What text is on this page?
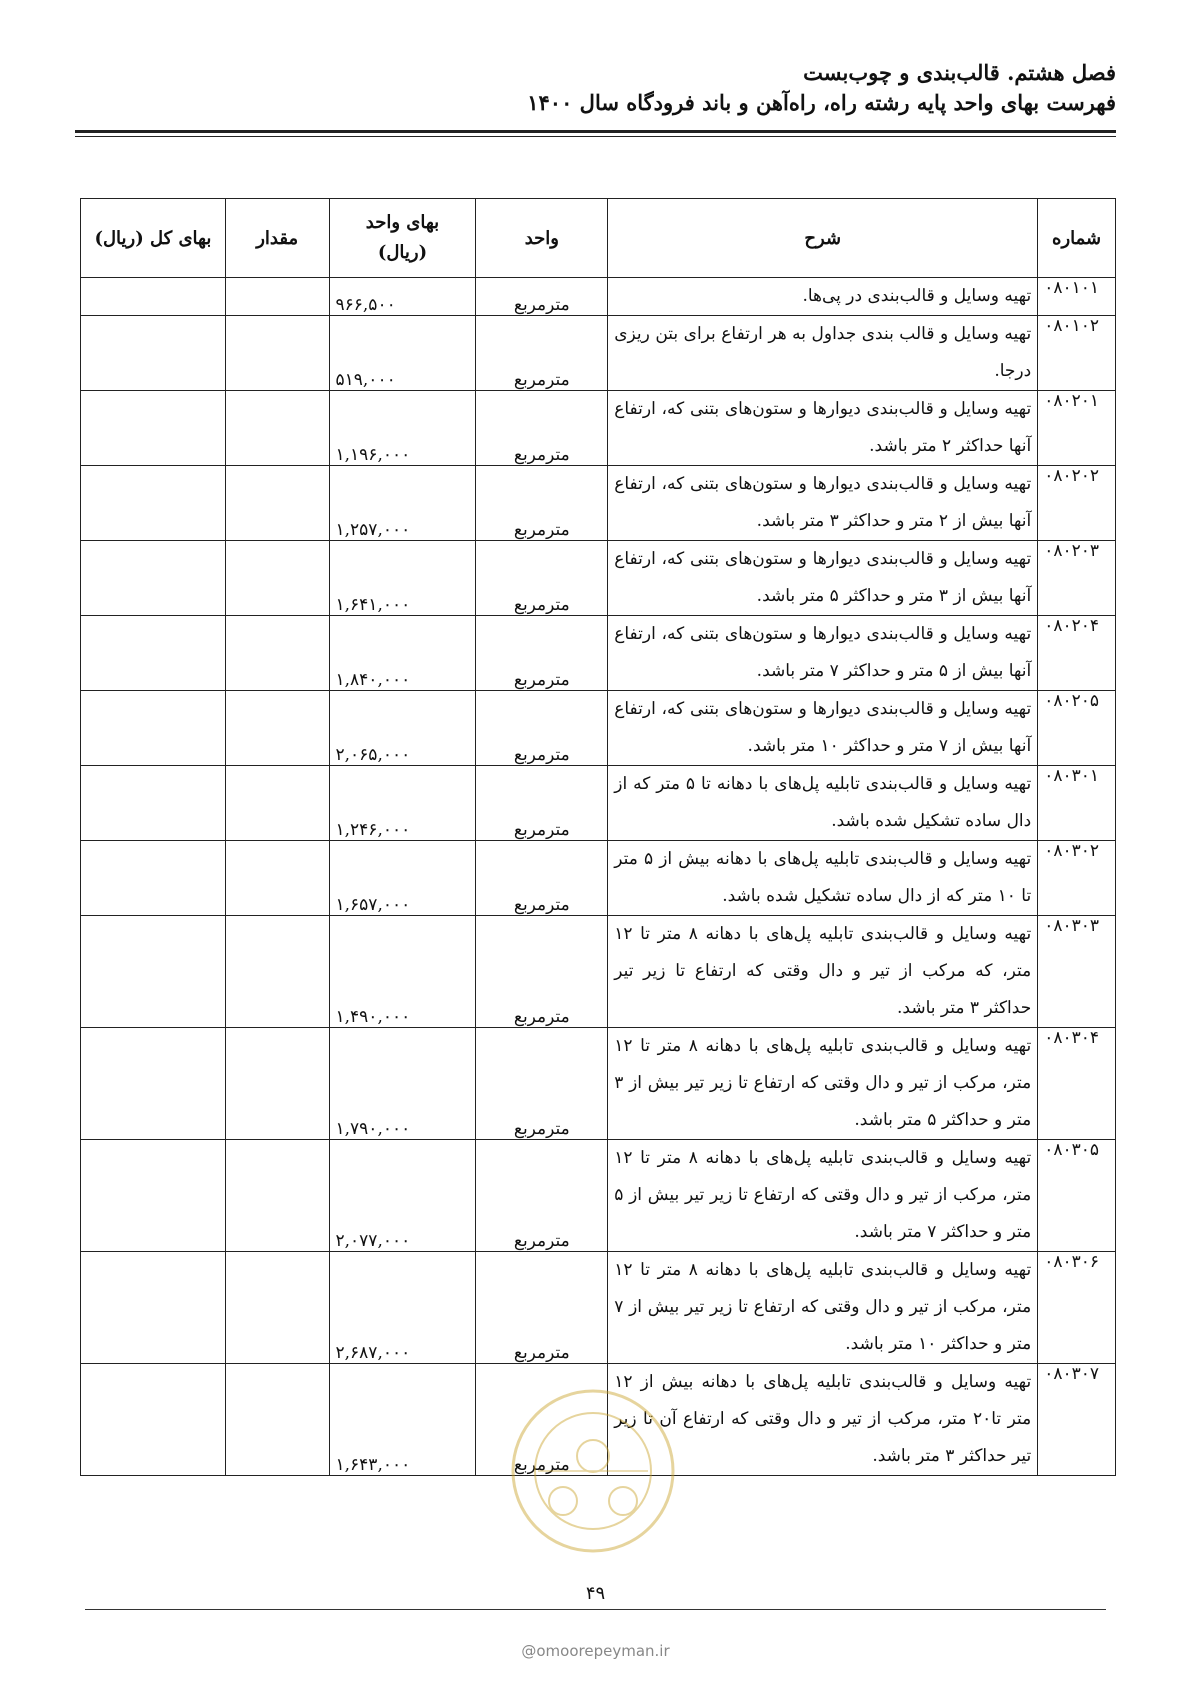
فصل هشتم. قالب‌بندی و چوب‌بست
فهرست بهای واحد پایه رشته راه، راه‌آهن و باند فرودگاه سال ۱۴۰۰
شماره	شرح	واحد	بهای واحد (ریال)	مقدار	بهای کل (ریال)
۰۸۰۱۰۱	تهیه وسایل و قالب‌بندی در پی‌ها.	مترمربع	۹۶۶,۵۰۰		
۰۸۰۱۰۲	تهیه وسایل و قالب بندی جداول به هر ارتفاع برای بتن ریزی درجا.	مترمربع	۵۱۹,۰۰۰		
۰۸۰۲۰۱	تهیه وسایل و قالب‌بندی دیوارها و ستون‌های بتنی که، ارتفاع آنها حداکثر ۲ متر باشد.	مترمربع	۱,۱۹۶,۰۰۰		
۰۸۰۲۰۲	تهیه وسایل و قالب‌بندی دیوارها و ستون‌های بتنی که، ارتفاع آنها بیش از ۲ متر و حداکثر ۳ متر باشد.	مترمربع	۱,۲۵۷,۰۰۰		
۰۸۰۲۰۳	تهیه وسایل و قالب‌بندی دیوارها و ستون‌های بتنی که، ارتفاع آنها بیش از ۳ متر و حداکثر ۵ متر باشد.	مترمربع	۱,۶۴۱,۰۰۰		
۰۸۰۲۰۴	تهیه وسایل و قالب‌بندی دیوارها و ستون‌های بتنی که، ارتفاع آنها بیش از ۵ متر و حداکثر ۷ متر باشد.	مترمربع	۱,۸۴۰,۰۰۰		
۰۸۰۲۰۵	تهیه وسایل و قالب‌بندی دیوارها و ستون‌های بتنی که، ارتفاع آنها بیش از ۷ متر و حداکثر ۱۰ متر باشد.	مترمربع	۲,۰۶۵,۰۰۰		
۰۸۰۳۰۱	تهیه وسایل و قالب‌بندی تابلیه پل‌های با دهانه تا ۵ متر که از دال ساده تشکیل شده باشد.	مترمربع	۱,۲۴۶,۰۰۰		
۰۸۰۳۰۲	تهیه وسایل و قالب‌بندی تابلیه پل‌های با دهانه بیش از ۵ متر تا ۱۰ متر که از دال ساده تشکیل شده باشد.	مترمربع	۱,۶۵۷,۰۰۰		
۰۸۰۳۰۳	تهیه وسایل و قالب‌بندی تابلیه پل‌های با دهانه ۸ متر تا ۱۲ متر، که مرکب از تیر و دال وقتی که ارتفاع تا زیر تیر حداکثر ۳ متر باشد.	مترمربع	۱,۴۹۰,۰۰۰		
۰۸۰۳۰۴	تهیه وسایل و قالب‌بندی تابلیه پل‌های با دهانه ۸ متر تا ۱۲ متر، مرکب از تیر و دال وقتی که ارتفاع تا زیر تیر بیش از ۳ متر و حداکثر ۵ متر باشد.	مترمربع	۱,۷۹۰,۰۰۰		
۰۸۰۳۰۵	تهیه وسایل و قالب‌بندی تابلیه پل‌های با دهانه ۸ متر تا ۱۲ متر، مرکب از تیر و دال وقتی که ارتفاع تا زیر تیر بیش از ۵ متر و حداکثر ۷ متر باشد.	مترمربع	۲,۰۷۷,۰۰۰		
۰۸۰۳۰۶	تهیه وسایل و قالب‌بندی تابلیه پل‌های با دهانه ۸ متر تا ۱۲ متر، مرکب از تیر و دال وقتی که ارتفاع تا زیر تیر بیش از ۷ متر و حداکثر ۱۰ متر باشد.	مترمربع	۲,۶۸۷,۰۰۰		
۰۸۰۳۰۷	تهیه وسایل و قالب‌بندی تابلیه پل‌های با دهانه بیش از ۱۲ متر تا۲۰ متر، مرکب از تیر و دال وقتی که ارتفاع آن تا زیر تیر حداکثر ۳ متر باشد.	مترمربع	۱,۶۴۳,۰۰۰		
۴۹
@omoorepeyman.ir
